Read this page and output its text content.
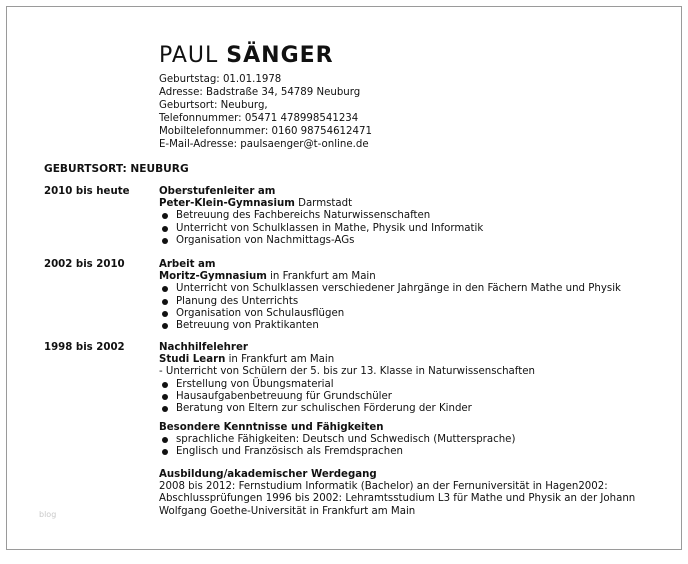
PAUL SÄNGER
Geburtstag: 01.01.1978
Adresse: Badstraße 34, 54789 Neuburg
Geburtsort: Neuburg,
Telefonnummer: 05471 478998541234
Mobiltelefonnummer: 0160 98754612471
E-Mail-Adresse: paulsaenger@t-online.de
GEBURTSORT: NEUBURG
2010 bis heute	Oberstufenleiter am
Peter-Klein-Gymnasium Darmstadt
Betreuung des Fachbereichs Naturwissenschaften
Unterricht von Schulklassen in Mathe, Physik und Informatik
Organisation von Nachmittags-AGs
2002 bis 2010	Arbeit am
Moritz-Gymnasium in Frankfurt am Main
Unterricht von Schulklassen verschiedener Jahrgänge in den Fächern Mathe und Physik
Planung des Unterrichts
Organisation von Schulausflügen
Betreuung von Praktikanten
1998 bis 2002	Nachhilfelehrer
Studi Learn in Frankfurt am Main
- Unterricht von Schülern der 5. bis zur 13. Klasse in Naturwissenschaften
Erstellung von Übungsmaterial
Hausaufgabenbetreuung für Grundschüler
Beratung von Eltern zur schulischen Förderung der Kinder
Besondere Kenntnisse und Fähigkeiten
sprachliche Fähigkeiten: Deutsch und Schwedisch (Muttersprache)
Englisch und Französisch als Fremdsprachen
Ausbildung/akademischer Werdegang
2008 bis 2012: Fernstudium Informatik (Bachelor) an der Fernuniversität in Hagen2002:
Abschlussprüfungen 1996 bis 2002: Lehramtsstudium L3 für Mathe und Physik an der Johann
Wolfgang Goethe-Universität in Frankfurt am Main
blog
